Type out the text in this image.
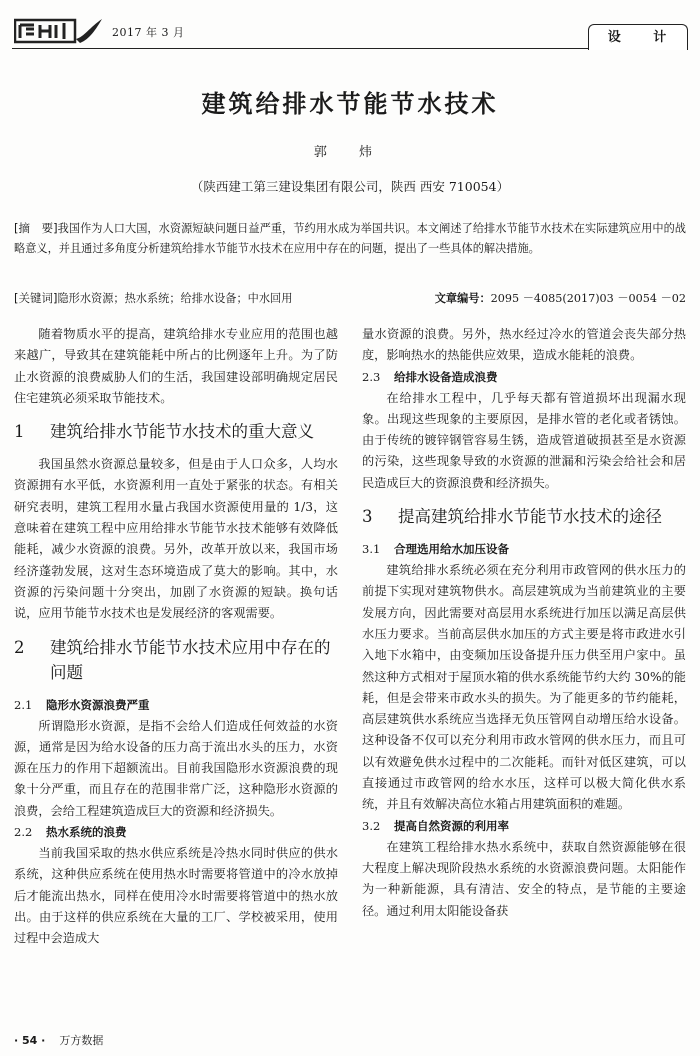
2017 年 3 月	设 计
建筑给排水节能节水技术
郭 炜
（陕西建工第三建设集团有限公司，陕西 西安 710054）
[摘　要]我国作为人口大国，水资源短缺问题日益严重，节约用水成为举国共识。本文阐述了给排水节能节水技术在实际建筑应用中的战略意义，并且通过多角度分析建筑给排水节能节水技术在应用中存在的问题，提出了一些具体的解决措施。
[关键词]隐形水资源；热水系统；给排水设备；中水回用	文章编号：2095 －4085(2017)03 －0054 －02

随着物质水平的提高，建筑给排水专业应用的范围也越来越广，导致其在建筑能耗中所占的比例逐年上升。为了防止水资源的浪费威胁人们的生活，我国建设部明确规定居民住宅建筑必须采取节能技术。

1	建筑给排水节能节水技术的重大意义

我国虽然水资源总量较多，但是由于人口众多，人均水资源拥有水平低，水资源利用一直处于紧张的状态。有相关研究表明，建筑工程用水量占我国水资源使用量的 1/3，这意味着在建筑工程中应用给排水节能节水技术能够有效降低能耗，减少水资源的浪费。另外，改革开放以来，我国市场经济蓬勃发展，这对生态环境造成了莫大的影响。其中，水资源的污染问题十分突出，加剧了水资源的短缺。换句话说，应用节能节水技术也是发展经济的客观需要。

2	建筑给排水节能节水技术应用中存在的问题
2.1 隐形水资源浪费严重

所谓隐形水资源，是指不会给人们造成任何效益的水资源，通常是因为给水设备的压力高于流出水头的压力，水资源在压力的作用下超额流出。目前我国隐形水资源浪费的现象十分严重，而且存在的范围非常广泛，这种隐形水资源的浪费，会给工程建筑造成巨大的资源和经济损失。

2.2 热水系统的浪费

当前我国采取的热水供应系统是冷热水同时供应的供水系统，这种供应系统在使用热水时需要将管道中的冷水放掉后才能流出热水，同样在使用冷水时需要将管道中的热水放出。由于这样的供应系统在大量的工厂、学校被采用，使用过程中会造成大

量水资源的浪费。另外，热水经过冷水的管道会丧失部分热度，影响热水的热能供应效果，造成水能耗的浪费。

2.3 给排水设备造成浪费

在给排水工程中，几乎每天都有管道损坏出现漏水现象。出现这些现象的主要原因，是排水管的老化或者锈蚀。由于传统的镀锌钢管容易生锈，造成管道破损甚至是水资源的污染，这些现象导致的水资源的泄漏和污染会给社会和居民造成巨大的资源浪费和经济损失。

3	提高建筑给排水节能节水技术的途径
3.1 合理选用给水加压设备

建筑给排水系统必须在充分利用市政管网的供水压力的前提下实现对建筑物供水。高层建筑成为当前建筑业的主要发展方向，因此需要对高层用水系统进行加压以满足高层供水压力要求。当前高层供水加压的方式主要是将市政进水引入地下水箱中，由变频加压设备提升压力供至用户家中。虽然这种方式相对于屋顶水箱的供水系统能节约大约 30%的能耗，但是会带来市政水头的损失。为了能更多的节约能耗，高层建筑供水系统应当选择无负压管网自动增压给水设备。这种设备不仅可以充分利用市政水管网的供水压力，而且可以有效避免供水过程中的二次能耗。而针对低区建筑，可以直接通过市政管网的给水水压，这样可以极大简化供水系统，并且有效解决高位水箱占用建筑面积的难题。

3.2 提高自然资源的利用率

在建筑工程给排水热水系统中，获取自然资源能够在很大程度上解决现阶段热水系统的水资源浪费问题。太阳能作为一种新能源，具有清洁、安全的特点，是节能的主要途径。通过利用太阳能设备获

· 54 · 万方数据
